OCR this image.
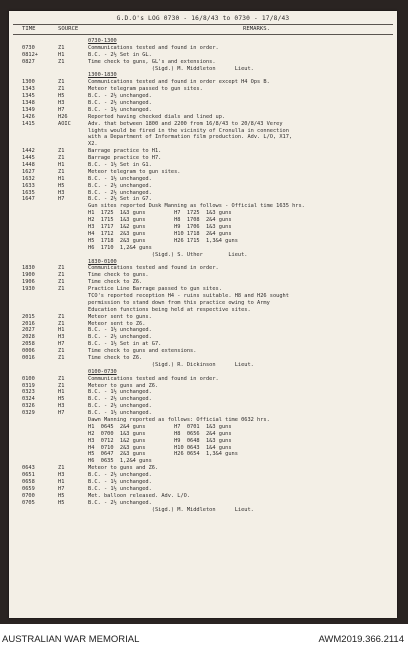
G.D.O's LOG 0730 - 16/8/43 to 0730 - 17/8/43
TIME	SOURCE	REMARKS.
0730-1300
0730	Z1	Communications tested and found in order.
0812+	H1	B.C. - 2½ Set in GL.
0827	Z1	Time check to guns, GL's and extensions.
(Sigd.) M. Middleton      Lieut.
1300-1830
1300	Z1	Communications tested and found in order except H4 Ops B.
1343	Z1	Meteor telegram passed to gun sites.
1345	H5	B.C. - 2½ unchanged.
1348	H3	B.C. - 2½ unchanged.
1349	H7	B.C. - 1½ unchanged.
1426	H26	Reported having checked dials and lined up.
1415	AOIC	Adv. that between 1800 and 2200 from 16/8/43 to 20/8/43 Verey
lights would be fired in the vicinity of Cronulla in connection
with a Department of Information film production. Adv. L/O, X17,
X2.
1442	Z1	Barrage practice to H1.
1445	Z1	Barrage practice to H7.
1448	H1	B.C. - 1½ Set in G1.
1627	Z1	Meteor telegram to gun sites.
1632	H1	B.C. - 1½ unchanged.
1633	H5	B.C. - 2½ unchanged.
1635	H3	B.C. - 2½ unchanged.
1647	H7	B.C. - 2½ Set in G7.
Gun sites reported Dusk Manning as follows - Official time 1635 hrs.
H1  1725  1&3 guns         H7  1725  1&3 guns
H2  1715  1&3 guns         H8  1708  2&4 guns
H3  1717  1&2 guns         H9  1706  1&3 guns
H4  1712  2&3 guns         H10 1718  2&4 guns
H5  1718  2&3 guns         H26 1715  1,3&4 guns
H6  1710  1,2&4 guns
(Sigd.) S. Uther        Lieut.
1830-0100
1830	Z1	Communications tested and found in order.
1900	Z1	Time check to guns.
1906	Z1	Time check to Z6.
1930	Z1	Practice Line Barrage passed to gun sites.
TCO's reported reception H4 - ruins suitable. H8 and H26 sought
permission to stand down from this practice owing to Army
Education functions being held at respective sites.
2015	Z1	Meteor sent to guns.
2016	Z1	Meteor sent to Z6.
2027	H1	B.C. - 1½ unchanged.
2028	H3	B.C. - 2½ unchanged.
2058	H7	B.C. - 1½ Set in at G7.
0006	Z1	Time check to guns and extensions.
0016	Z1	Time check to Z6.
(Sigd.) R. Dickinson      Lieut.
0100-0730
0100	Z1	Communications tested and found in order.
0319	Z1	Meteor to guns and Z6.
0323	H1	B.C. - 1½ unchanged.
0324	H5	B.C. - 2½ unchanged.
0326	H3	B.C. - 2½ unchanged.
0329	H7	B.C. - 1½ unchanged.
Dawn Manning reported as follows: Official time 0632 hrs.
H1  0645  2&4 guns         H7  0701  1&3 guns
H2  0700  1&3 guns         H8  0656  2&4 guns
H3  0712  1&2 guns         H9  0648  1&3 guns
H4  0710  2&3 guns         H10 0643  1&4 guns
H5  0647  2&3 guns         H26 0654  1,3&4 guns
H6  0635  1,2&4 guns
0643	Z1	Meteor to guns and Z6.
0651	H3	B.C. - 2½ unchanged.
0658	H1	B.C. - 1½ unchanged.
0659	H7	B.C. - 1½ unchanged.
0700	H5	Met. balloon released. Adv. L/O.
0705	H5	B.C. - 2½ unchanged.
(Sigd.) M. Middleton      Lieut.
AUSTRALIAN WAR MEMORIAL	AWM2019.366.2114
